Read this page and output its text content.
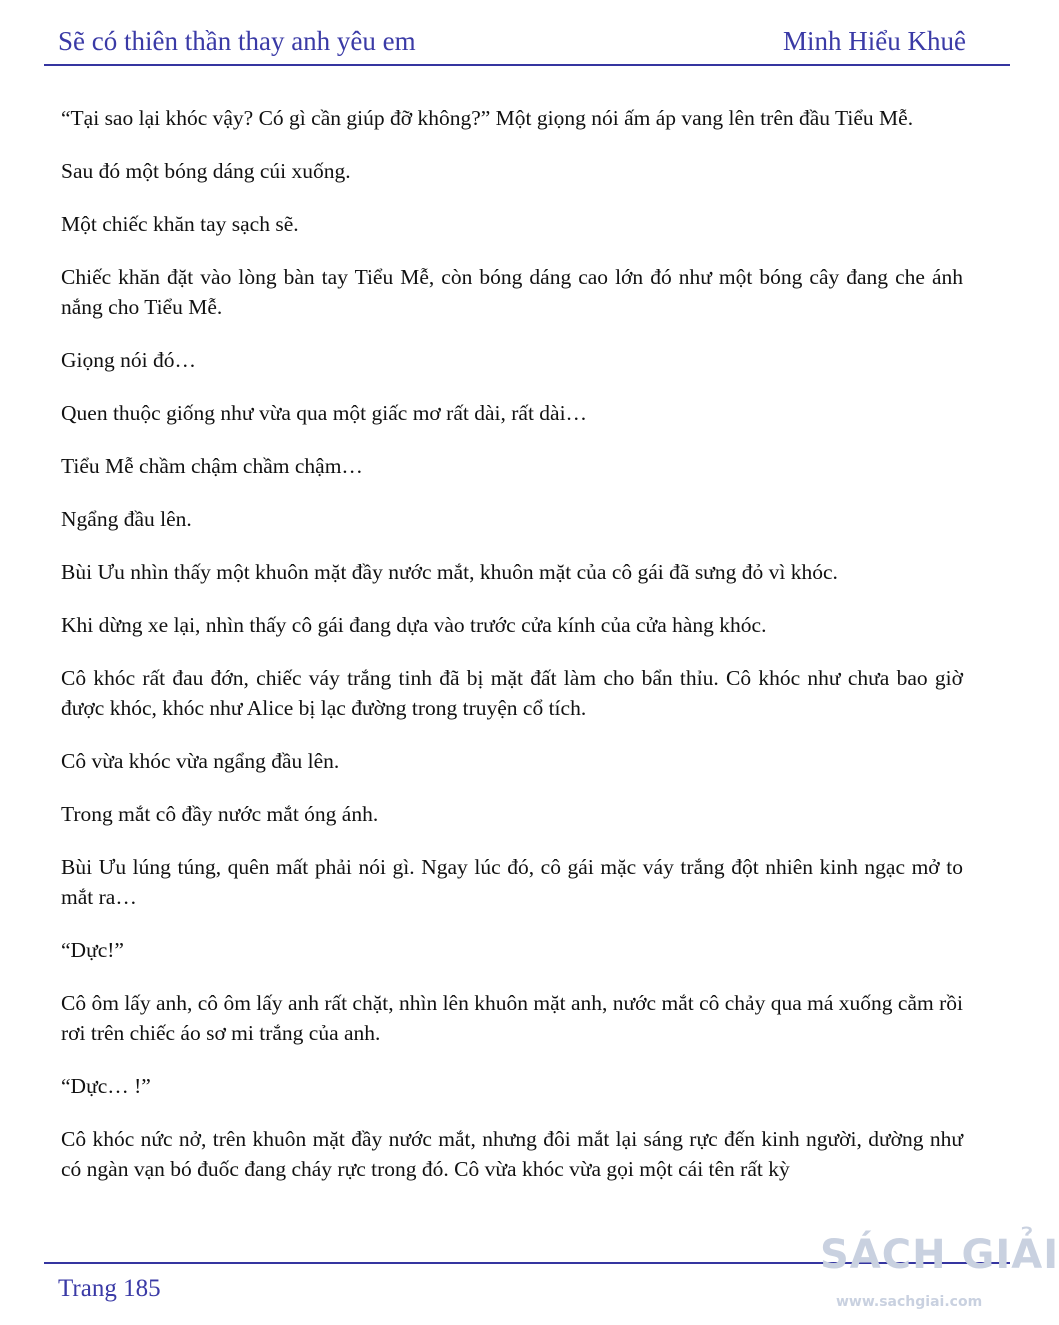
Sẽ có thiên thần thay anh yêu em	Minh Hiểu Khuê

“Tại sao lại khóc vậy? Có gì cần giúp đỡ không?” Một giọng nói ấm áp vang lên trên đầu Tiểu Mễ.

Sau đó một bóng dáng cúi xuống.

Một chiếc khăn tay sạch sẽ.

Chiếc khăn đặt vào lòng bàn tay Tiểu Mễ, còn bóng dáng cao lớn đó như một bóng cây đang che ánh nắng cho Tiểu Mễ.

Giọng nói đó…

Quen thuộc giống như vừa qua một giấc mơ rất dài, rất dài…

Tiểu Mễ chầm chậm chầm chậm…

Ngẩng đầu lên.

Bùi Ưu nhìn thấy một khuôn mặt đầy nước mắt, khuôn mặt của cô gái đã sưng đỏ vì khóc.

Khi dừng xe lại, nhìn thấy cô gái đang dựa vào trước cửa kính của cửa hàng khóc.

Cô khóc rất đau đớn, chiếc váy trắng tinh đã bị mặt đất làm cho bẩn thỉu. Cô khóc như chưa bao giờ được khóc, khóc như Alice bị lạc đường trong truyện cổ tích.

Cô vừa khóc vừa ngẩng đầu lên.

Trong mắt cô đầy nước mắt óng ánh.

Bùi Ưu lúng túng, quên mất phải nói gì. Ngay lúc đó, cô gái mặc váy trắng đột nhiên kinh ngạc mở to mắt ra…

“Dực!”

Cô ôm lấy anh, cô ôm lấy anh rất chặt, nhìn lên khuôn mặt anh, nước mắt cô chảy qua má xuống cằm rồi rơi trên chiếc áo sơ mi trắng của anh.

“Dực… !”

Cô khóc nức nở, trên khuôn mặt đầy nước mắt, nhưng đôi mắt lại sáng rực đến kinh người, dường như có ngàn vạn bó đuốc đang cháy rực trong đó. Cô vừa khóc vừa gọi một cái tên rất kỳ

Trang 185
SÁCH GIẢI
www.sachgiai.com
